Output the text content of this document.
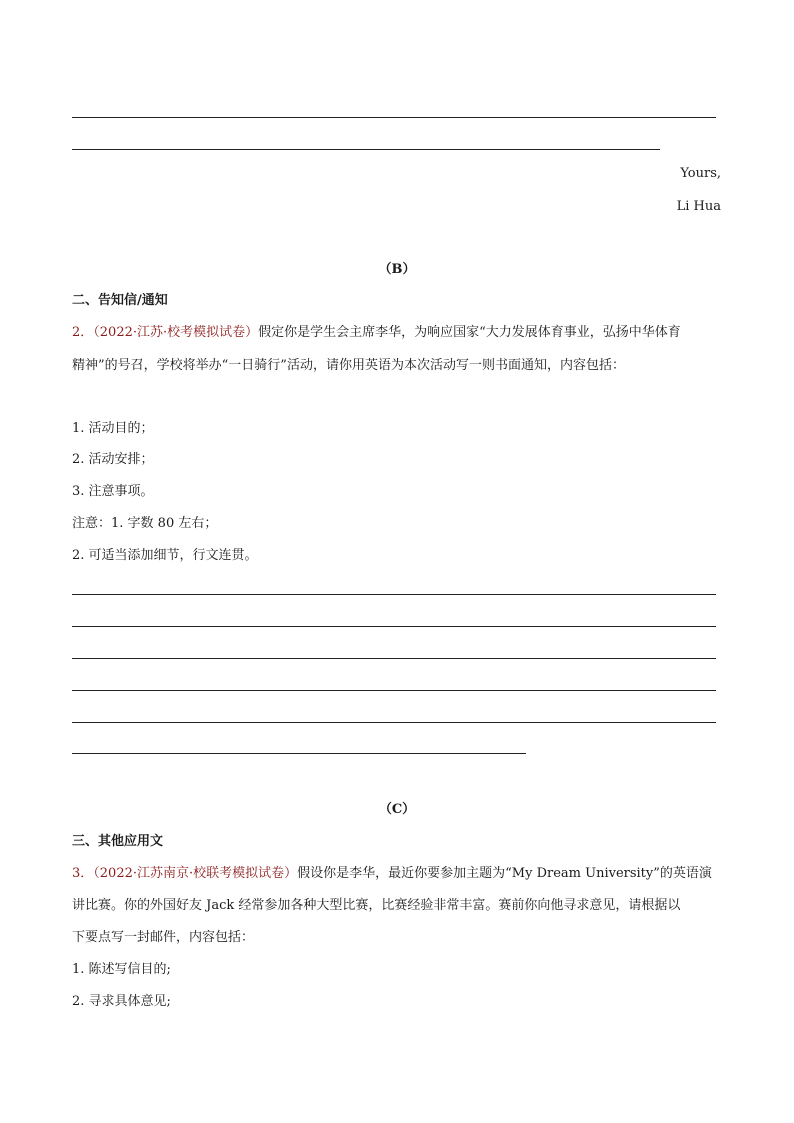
Yours,
Li Hua
（B）
二、告知信/通知
2．（2022·江苏·校考模拟试卷）假定你是学生会主席李华，为响应国家“大力发展体育事业，弘扬中华体育
精神”的号召，学校将举办“一日骑行”活动，请你用英语为本次活动写一则书面通知，内容包括：
1. 活动目的；
2. 活动安排；
3. 注意事项。
注意：1. 字数 80 左右；
2. 可适当添加细节，行文连贯。
（C）
三、其他应用文
3．（2022·江苏南京·校联考模拟试卷）假设你是李华，最近你要参加主题为“My Dream University”的英语演
讲比赛。你的外国好友 Jack 经常参加各种大型比赛，比赛经验非常丰富。赛前你向他寻求意见，请根据以
下要点写一封邮件，内容包括：
1. 陈述写信目的;
2. 寻求具体意见;
